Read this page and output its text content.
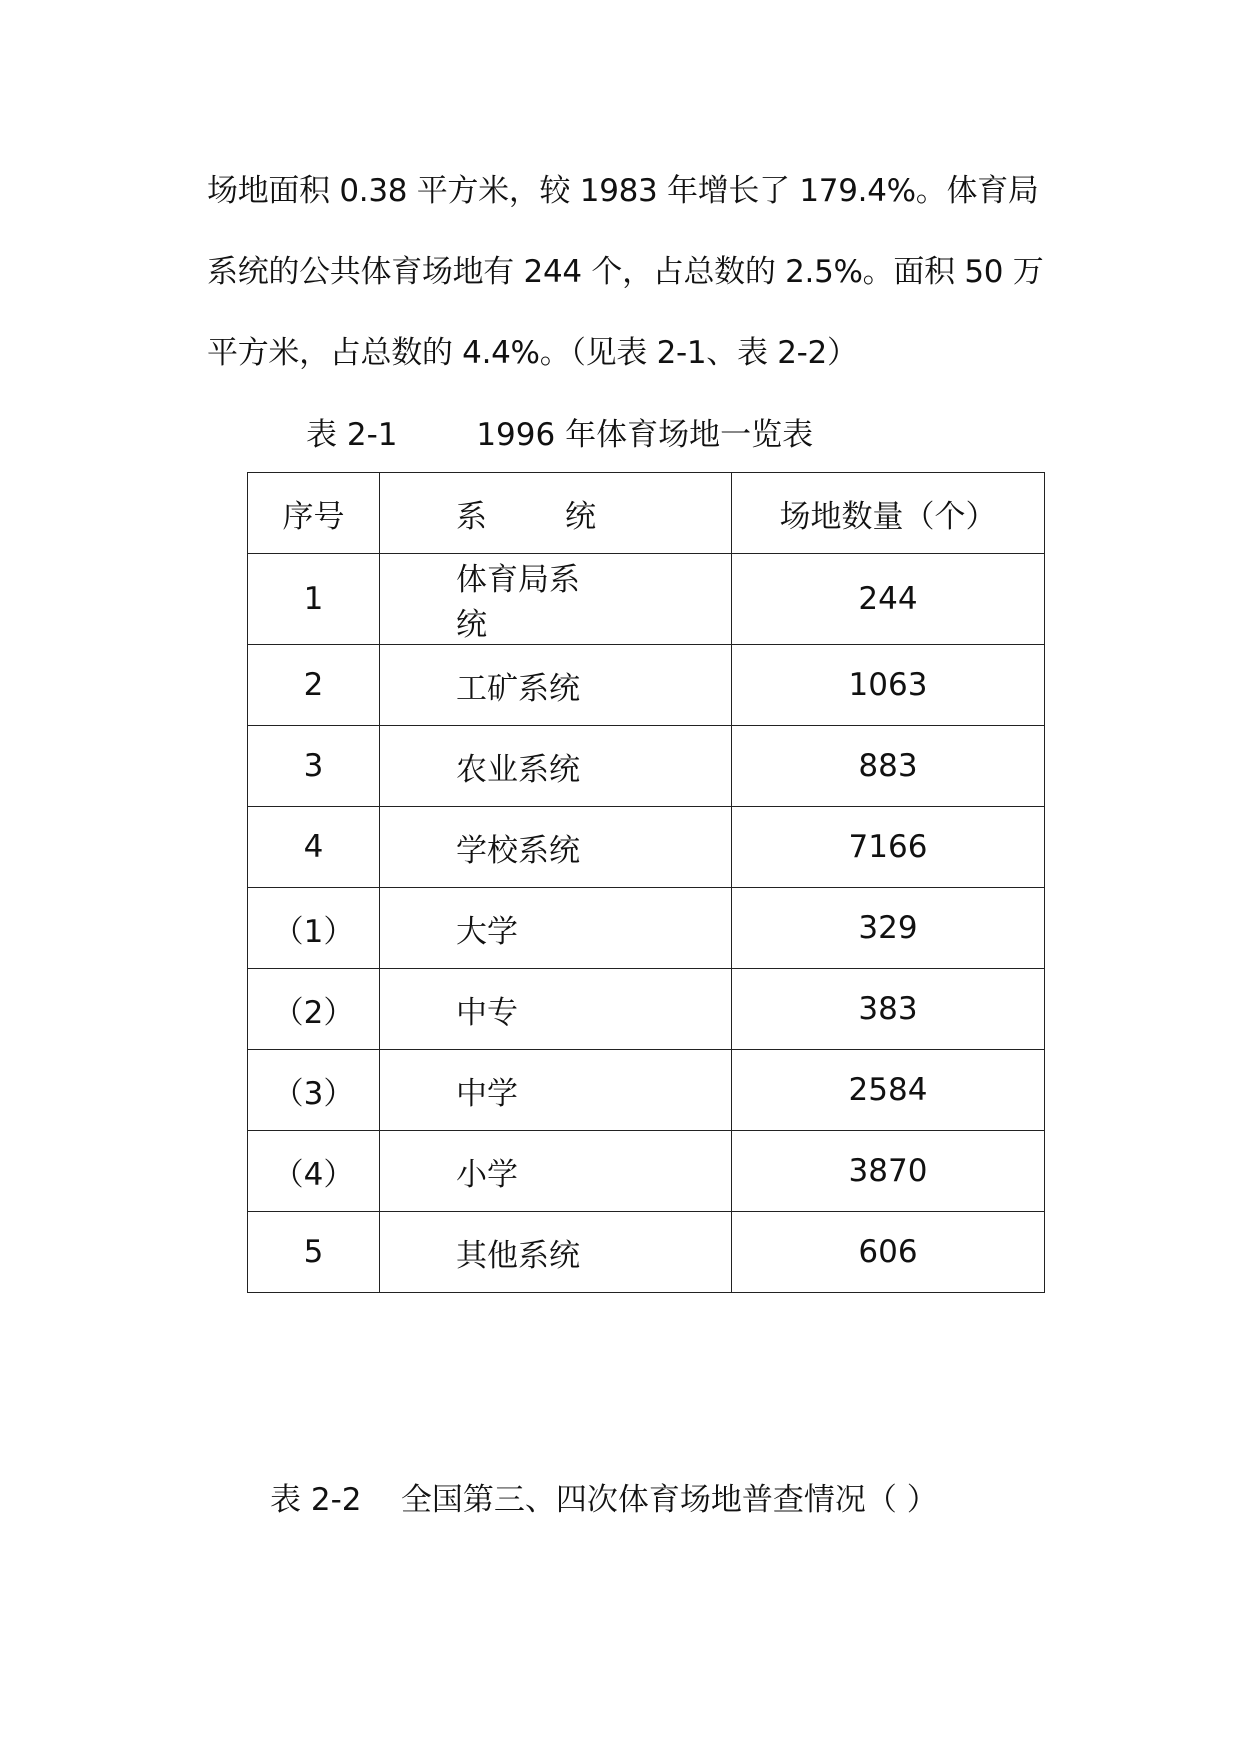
场地面积 0.38 平方米，较 1983 年增长了 179.4%。体育局

系统的公共体育场地有 244 个，占总数的 2.5%。面积 50 万

平方米，占总数的 4.4%。（见表 2-1、表 2-2）

表 2-1        1996 年体育场地一览表
序号	系 统	场地数量（个）
1	体育局系统	244
2	工矿系统	1063
3	农业系统	883
4	学校系统	7166
（1）	大学	329
（2）	中专	383
（3）	中学	2584
（4）	小学	3870
5	其他系统	606
表 2-2    全国第三、四次体育场地普查情况（ ）
